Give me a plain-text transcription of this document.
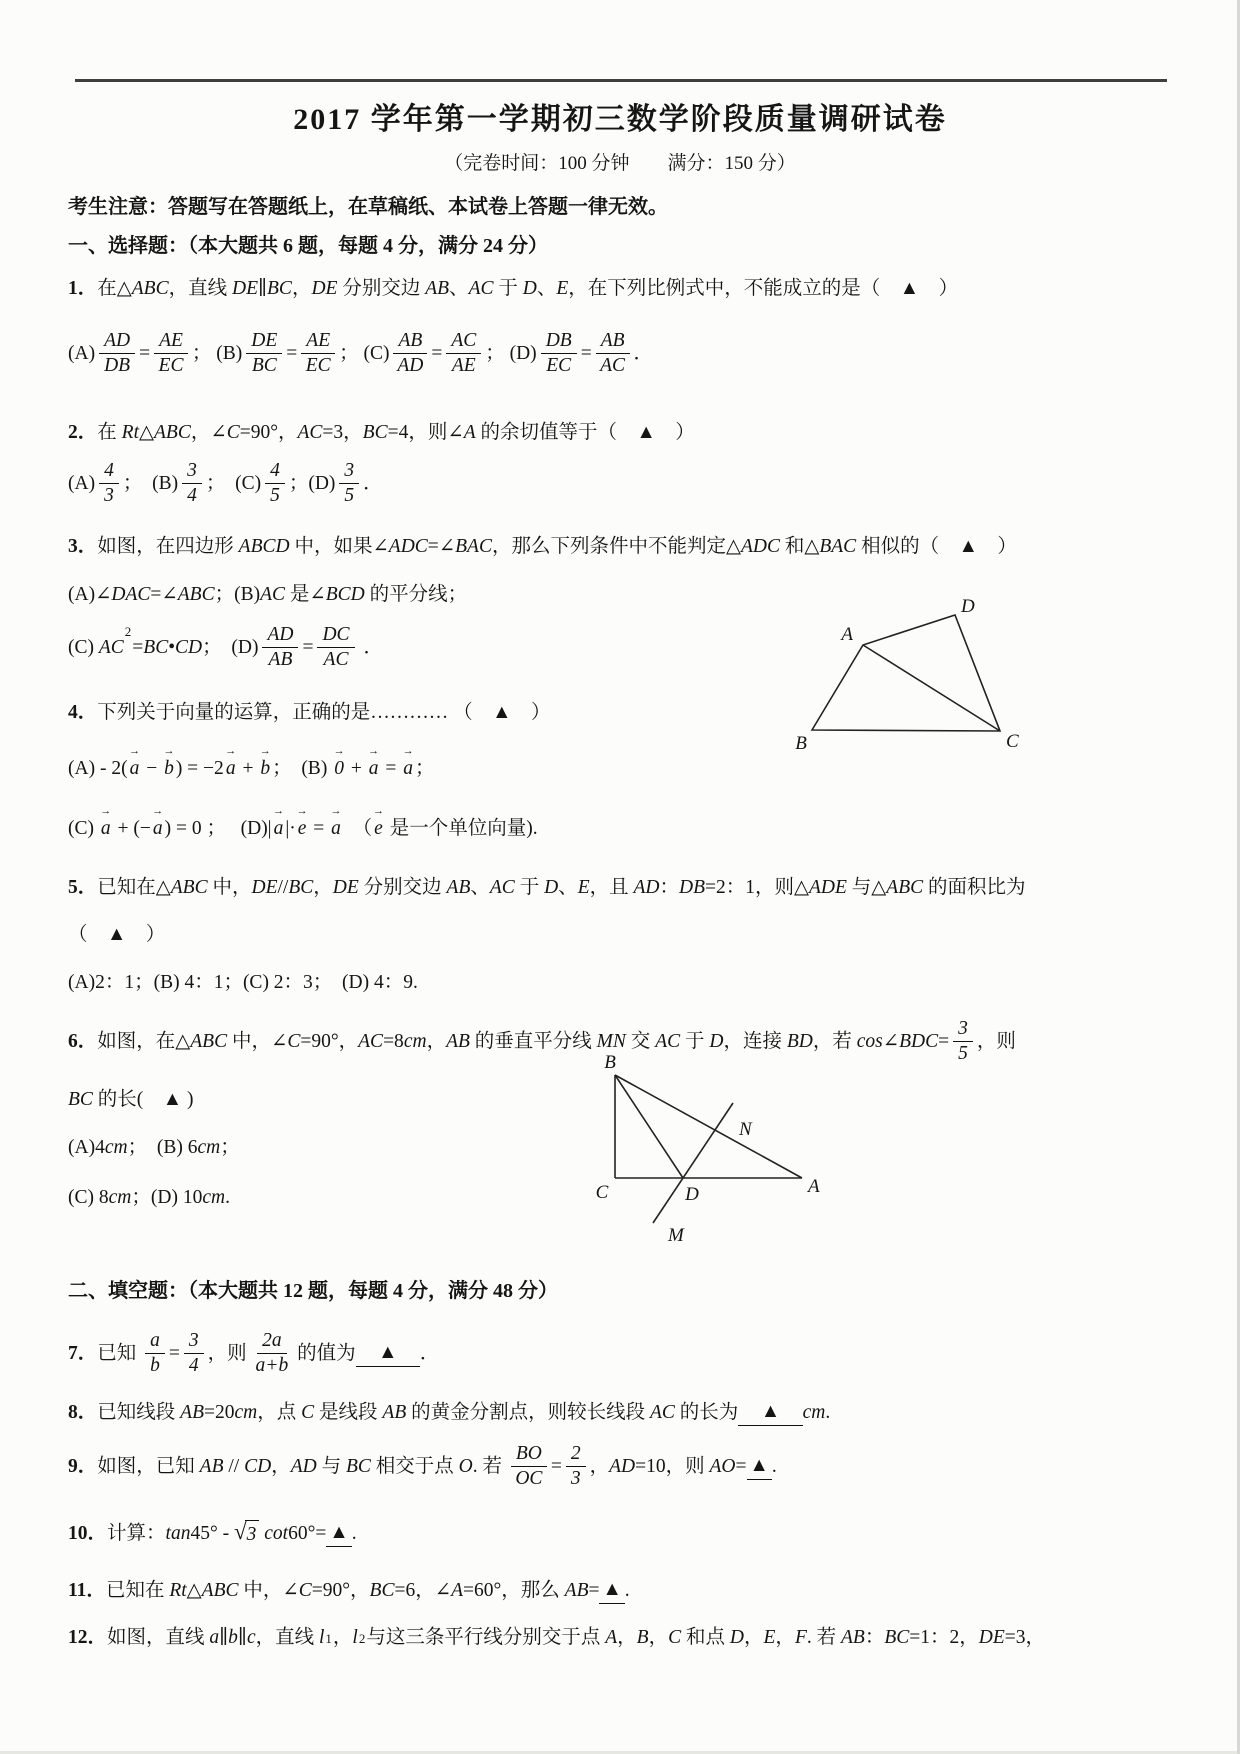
2017 学年第一学期初三数学阶段质量调研试卷
（完卷时间：100 分钟　　满分：150 分）
考生注意：答题写在答题纸上，在草稿纸、本试卷上答题一律无效。
一、选择题：（本大题共 6 题，每题 4 分，满分 24 分）
1． 在△ ABC ，直线 DE ∥ BC ， DE 分别交边 AB 、 AC 于 D 、 E ，在下列比例式中，不能成立的是（　▲　）
$(A) \frac{AD}{DB} = \frac{AE}{EC}$ ； $(B) \frac{DE}{BC} = \frac{AE}{EC}$ ； $(C) \frac{AB}{AD} = \frac{AC}{AE}$ ； $(D) \frac{DB}{EC} = \frac{AB}{AC}$ ．
2． 在 Rt △ ABC ，∠ C =90°， AC =3， BC =4，则∠ A 的余切值等于（　▲　）
$(A) \frac{4}{3}$ ；　$(B) \frac{3}{4}$ ；　$(C) \frac{4}{5}$ ；$(D) \frac{3}{5}$ ．
3． 如图，在四边形 ABCD 中，如果∠ ADC =∠ BAC ，那么下列条件中不能判定△ ADC 和△ BAC 相似的（　▲　）
(A)∠ DAC =∠ ABC ；(B) AC 是∠ BCD 的平分线；
(C) AC
2
= BC • CD ；  $(D) \frac{AD}{AB} = \frac{DC}{AC}$ ．
4． 下列关于向量的运算，正确的是………… （　▲　）
(A) - 2(
→
a −
→
b ) = −2
→
a +
→
b ；  (B)
→
0 +
→
a =
→
a ；
(C)
→
a + (−
→
a ) = 0 ；   (D)|
→
a |·
→
e =
→
a 　（
→
e 是一个单位向量).
5． 已知在△ ABC 中， DE // BC ， DE 分别交边 AB 、 AC 于 D 、 E ，且 AD ： DB =2：1，则△ ADE 与△ ABC 的面积比为
（　▲　）
(A)2：1；(B) 4：1；(C) 2：3；　(D) 4：9.
6． 如图，在△ ABC 中，∠ C =90°， AC =8 cm ， AB 的垂直平分线 MN 交 AC 于 D ，连接 BD ，若 cos ∠ BDC = $\frac{3}{5}$ ，则
BC 的长(　▲ )
(A)4 cm ；　(B) 6 cm ；
(C) 8 cm ；(D) 10 cm .
二、填空题：（本大题共 12 题，每题 4 分，满分 48 分）
7． 已知 $\frac{a}{b} = \frac{3}{4}$ ，则 $\frac{2a}{a+b}$ 的值为 　▲　 ．
8． 已知线段 AB =20 cm ，点 C 是线段 AB 的黄金分割点，则较长线段 AC 的长为 　▲　 cm .
9． 如图，已知 AB // CD ， AD 与 BC 相交于点 O . 若 $\frac{BO}{OC} = \frac{2}{3}$ ， AD =10，则 AO = ▲ .
10． 计算： tan 45° - √ 3
cot 60°= ▲ .
11． 已知在 Rt △ ABC 中，∠ C =90°， BC =6，∠ A =60°，那么 AB = ▲ .
12． 如图，直线 a ∥ b ∥ c ，直线 l 1 ， l 2 与这三条平行线分别交于点 A ， B ， C 和点 D ， E ， F . 若 AB ： BC =1：2， DE =3，
A
D
B	C
B
C	D	A
N
M
